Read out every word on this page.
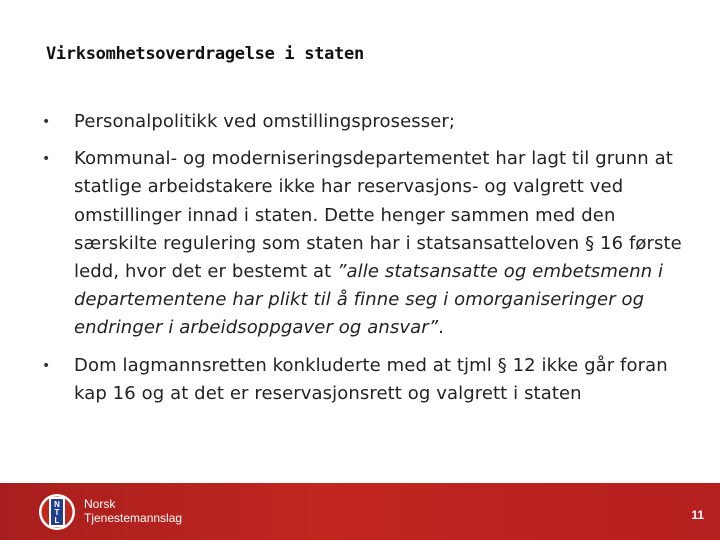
Virksomhetsoverdragelse i staten
• Personalpolitikk ved omstillingsprosesser;
• Kommunal- og moderniseringsdepartementet har lagt til grunn at statlige arbeidstakere ikke har reservasjons- og valgrett ved omstillinger innad i staten. Dette henger sammen med den særskilte regulering som staten har i statsansatteloven § 16 første ledd, hvor det er bestemt at ”alle statsansatte og embetsmenn i departementene har plikt til å finne seg i omorganiseringer og endringer i arbeidsoppgaver og ansvar”.
• Dom lagmannsretten konkluderte med at tjml § 12 ikke går foran kap 16 og at det er reservasjonsrett og valgrett i staten
N
T
L
Norsk
Tjenestemannslag	11
